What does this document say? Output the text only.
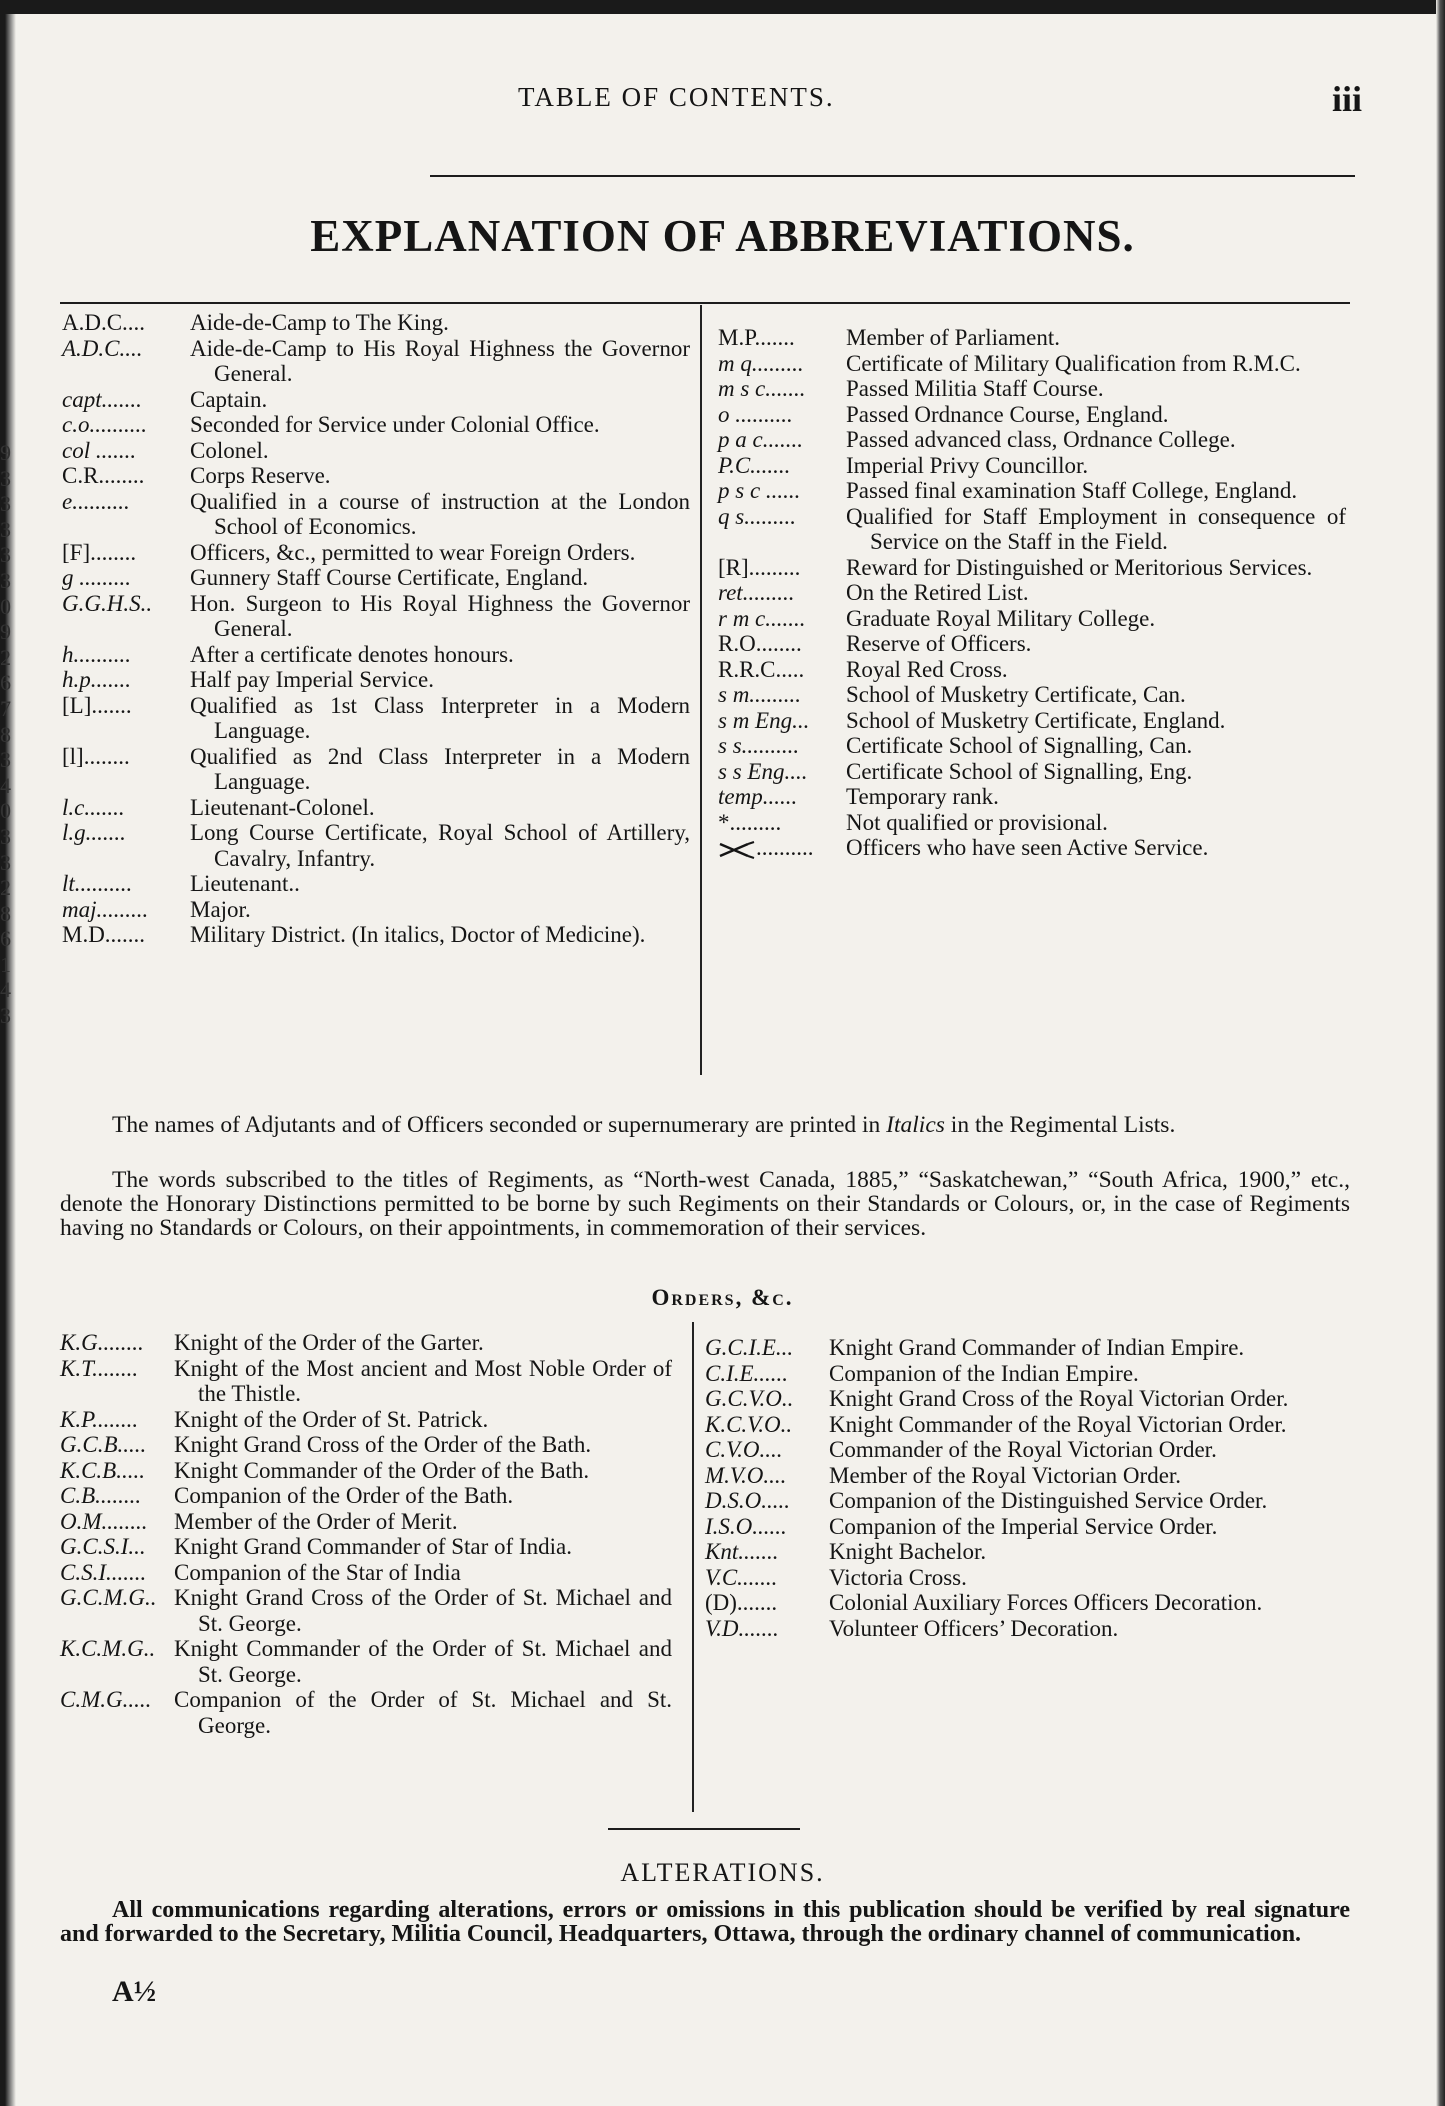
9
3
3
3
3
3
0
9
2
6
7
8
3
4
0
3
3
2
8
6
1
4
3
TABLE OF CONTENTS.	iii
EXPLANATION OF ABBREVIATIONS.
A.D.C....	Aide-de-Camp to The King.
A.D.C....	Aide-de-Camp to His Royal Highness the Governor General.
capt.......	Captain.
c.o..........	Seconded for Service under Colonial Office.
col .......	Colonel.
C.R........	Corps Reserve.
e..........	Qualified in a course of instruction at the London School of Economics.
[F]........	Officers, &c., permitted to wear Foreign Orders.
g .........	Gunnery Staff Course Certificate, England.
G.G.H.S..	Hon. Surgeon to His Royal Highness the Governor General.
h..........	After a certificate denotes honours.
h.p.......	Half pay Imperial Service.
[L].......	Qualified as 1st Class Interpreter in a Modern Language.
[l]........	Qualified as 2nd Class Interpreter in a Modern Language.
l.c.......	Lieutenant-Colonel.
l.g.......	Long Course Certificate, Royal School of Artillery, Cavalry, Infantry.
lt..........	Lieutenant..
maj.........	Major.
M.D.......	Military District. (In italics, Doctor of Medicine).
M.P.......	Member of Parliament.
m q.........	Certificate of Military Qualification from R.M.C.
m s c.......	Passed Militia Staff Course.
o ..........	Passed Ordnance Course, England.
p a c.......	Passed advanced class, Ordnance College.
P.C.......	Imperial Privy Councillor.
p s c ......	Passed final examination Staff College, England.
q s.........	Qualified for Staff Employment in consequence of Service on the Staff in the Field.
[R].........	Reward for Distinguished or Meritorious Services.
ret.........	On the Retired List.
r m c.......	Graduate Royal Military College.
R.O........	Reserve of Officers.
R.R.C.....	Royal Red Cross.
s m.........	School of Musketry Certificate, Can.
s m Eng...	School of Musketry Certificate, England.
s s..........	Certificate School of Signalling, Can.
s s Eng....	Certificate School of Signalling, Eng.
temp......	Temporary rank.
*.........	Not qualified or provisional.
..........	Officers who have seen Active Service.

The names of Adjutants and of Officers seconded or supernumerary are printed in Italics in the Regimental Lists.

The words subscribed to the titles of Regiments, as “North-west Canada, 1885,” “Saskatchewan,” “South Africa, 1900,” etc., denote the Honorary Distinctions permitted to be borne by such Regiments on their Standards or Colours, or, in the case of Regiments having no Standards or Colours, on their appointments, in commemoration of their services.

Orders, &c.
K.G........	Knight of the Order of the Garter.
K.T........	Knight of the Most ancient and Most Noble Order of the Thistle.
K.P........	Knight of the Order of St. Patrick.
G.C.B.....	Knight Grand Cross of the Order of the Bath.
K.C.B.....	Knight Commander of the Order of the Bath.
C.B........	Companion of the Order of the Bath.
O.M........	Member of the Order of Merit.
G.C.S.I...	Knight Grand Commander of Star of India.
C.S.I.......	Companion of the Star of India
G.C.M.G.. Knight Grand Cross of the Order of St. Michael and St. George.
K.C.M.G.. Knight Commander of the Order of St. Michael and St. George.
C.M.G..... Companion of the Order of St. Michael and St. George.
G.C.I.E...	Knight Grand Commander of Indian Empire.
C.I.E......	Companion of the Indian Empire.
G.C.V.O..	Knight Grand Cross of the Royal Victorian Order.
K.C.V.O..	Knight Commander of the Royal Victorian Order.
C.V.O....	Commander of the Royal Victorian Order.
M.V.O....	Member of the Royal Victorian Order.
D.S.O.....	Companion of the Distinguished Service Order.
I.S.O......	Companion of the Imperial Service Order.
Knt.......	Knight Bachelor.
V.C.......	Victoria Cross.
(D).......	Colonial Auxiliary Forces Officers Decoration.
V.D.......	Volunteer Officers’ Decoration.
ALTERATIONS.

All communications regarding alterations, errors or omissions in this publication should be verified by real signature and forwarded to the Secretary, Militia Council, Headquarters, Ottawa, through the ordinary channel of communication.

A½
